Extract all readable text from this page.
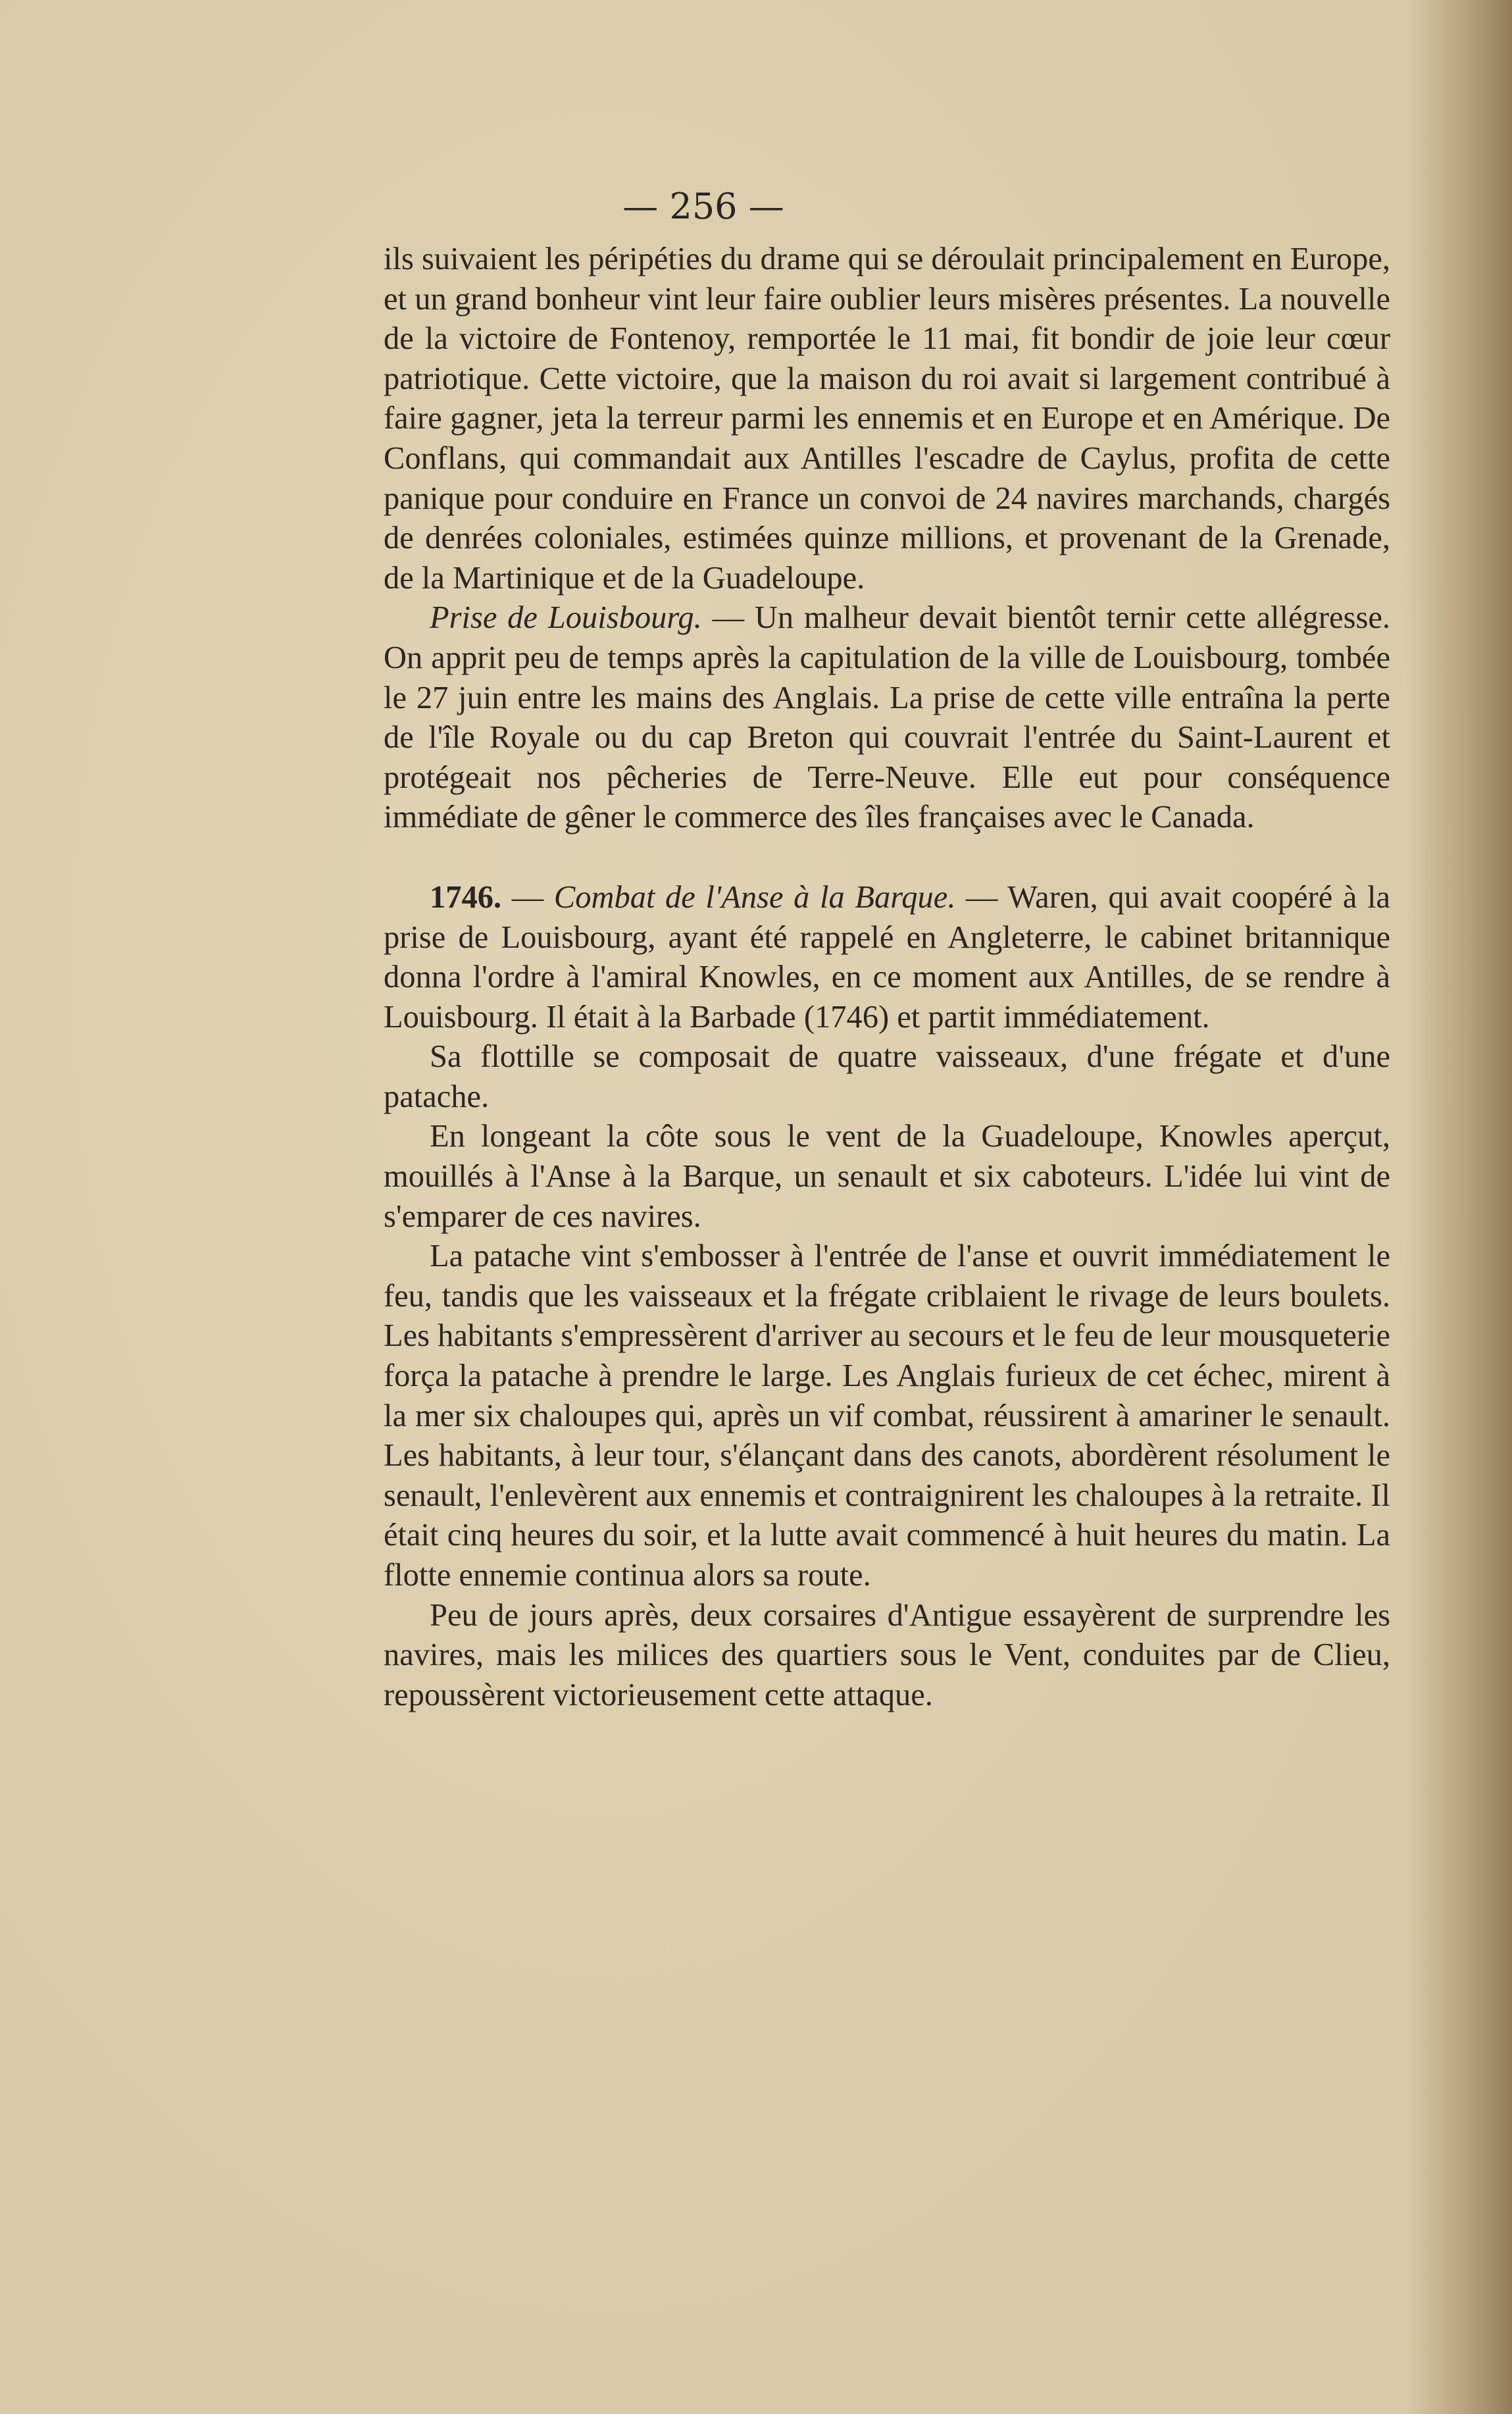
— 256 —

ils suivaient les péripéties du drame qui se déroulait principalement en Europe, et un grand bonheur vint leur faire oublier leurs misères présentes. La nouvelle de la victoire de Fontenoy, remportée le 11 mai, fit bondir de joie leur cœur patriotique. Cette victoire, que la maison du roi avait si largement contribué à faire gagner, jeta la terreur parmi les ennemis et en Europe et en Amérique. De Conflans, qui commandait aux Antilles l'escadre de Caylus, profita de cette panique pour conduire en France un convoi de 24 navires marchands, chargés de denrées coloniales, estimées quinze millions, et provenant de la Grenade, de la Martinique et de la Guadeloupe.

Prise de Louisbourg. — Un malheur devait bientôt ternir cette allégresse. On apprit peu de temps après la capitulation de la ville de Louisbourg, tombée le 27 juin entre les mains des Anglais. La prise de cette ville entraîna la perte de l'île Royale ou du cap Breton qui couvrait l'entrée du Saint-Laurent et protégeait nos pêcheries de Terre-Neuve. Elle eut pour conséquence immédiate de gêner le commerce des îles françaises avec le Canada.

1746. — Combat de l'Anse à la Barque. — Waren, qui avait coopéré à la prise de Louisbourg, ayant été rappelé en Angleterre, le cabinet britannique donna l'ordre à l'amiral Knowles, en ce moment aux Antilles, de se rendre à Louisbourg. Il était à la Barbade (1746) et partit immédiatement.

Sa flottille se composait de quatre vaisseaux, d'une frégate et d'une patache.

En longeant la côte sous le vent de la Guadeloupe, Knowles aperçut, mouillés à l'Anse à la Barque, un senault et six caboteurs. L'idée lui vint de s'emparer de ces navires.

La patache vint s'embosser à l'entrée de l'anse et ouvrit immédiatement le feu, tandis que les vaisseaux et la frégate criblaient le rivage de leurs boulets. Les habitants s'empressèrent d'arriver au secours et le feu de leur mousqueterie força la patache à prendre le large. Les Anglais furieux de cet échec, mirent à la mer six chaloupes qui, après un vif combat, réussirent à amariner le senault. Les habitants, à leur tour, s'élançant dans des canots, abordèrent résolument le senault, l'enlevèrent aux ennemis et contraignirent les chaloupes à la retraite. Il était cinq heures du soir, et la lutte avait commencé à huit heures du matin. La flotte ennemie continua alors sa route.

Peu de jours après, deux corsaires d'Antigue essayèrent de surprendre les navires, mais les milices des quartiers sous le Vent, conduites par de Clieu, repoussèrent victorieusement cette attaque.
